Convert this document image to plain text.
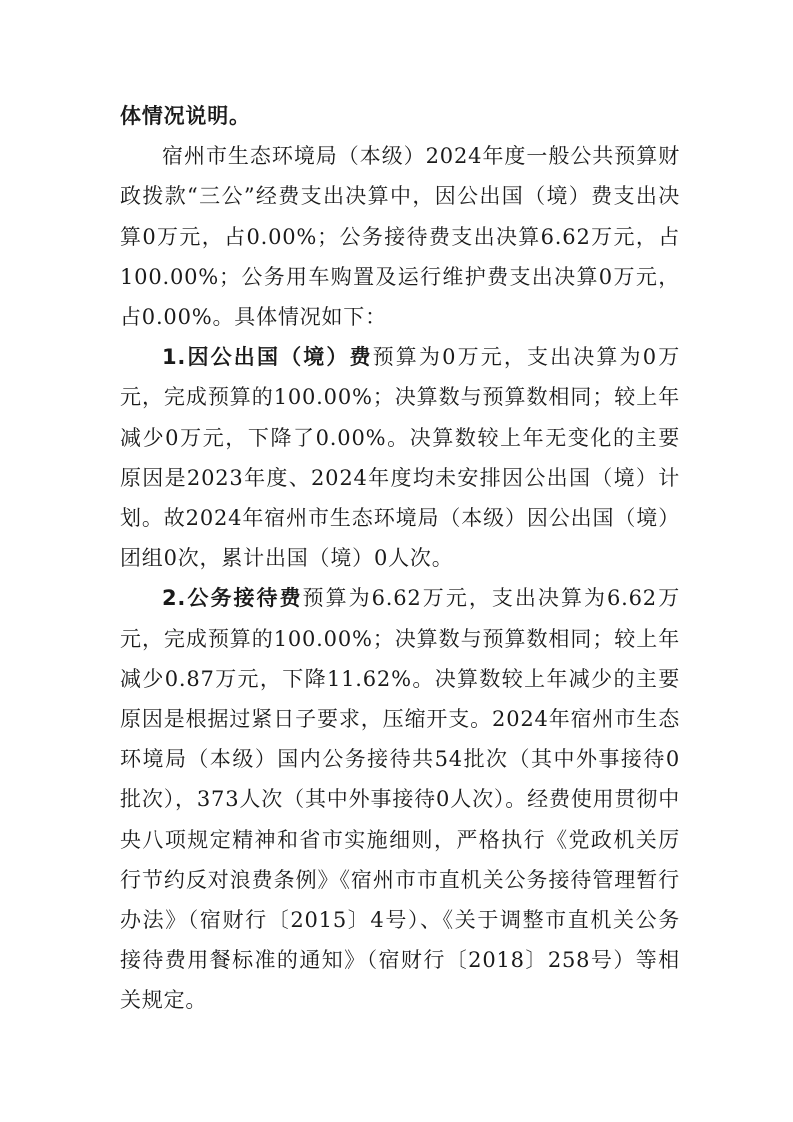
体情况说明。

宿州市生态环境局（本级）2024年度一般公共预算财政拨款“三公”经费支出决算中，因公出国（境）费支出决算0万元，占0.00%；公务接待费支出决算6.62万元，占100.00%；公务用车购置及运行维护费支出决算0万元，占0.00%。具体情况如下：

1.因公出国（境）费预算为0万元，支出决算为0万元，完成预算的100.00%；决算数与预算数相同；较上年减少0万元，下降了0.00%。决算数较上年无变化的主要原因是2023年度、2024年度均未安排因公出国（境）计划。故2024年宿州市生态环境局（本级）因公出国（境）团组0次，累计出国（境）0人次。

2.公务接待费预算为6.62万元，支出决算为6.62万元，完成预算的100.00%；决算数与预算数相同；较上年减少0.87万元，下降11.62%。决算数较上年减少的主要原因是根据过紧日子要求，压缩开支。2024年宿州市生态环境局（本级）国内公务接待共54批次（其中外事接待0批次），373人次（其中外事接待0人次）。经费使用贯彻中央八项规定精神和省市实施细则，严格执行《党政机关厉行节约反对浪费条例》《宿州市市直机关公务接待管理暂行办法》（宿财行〔2015〕4号）、《关于调整市直机关公务接待费用餐标准的通知》（宿财行〔2018〕258号）等相关规定。
